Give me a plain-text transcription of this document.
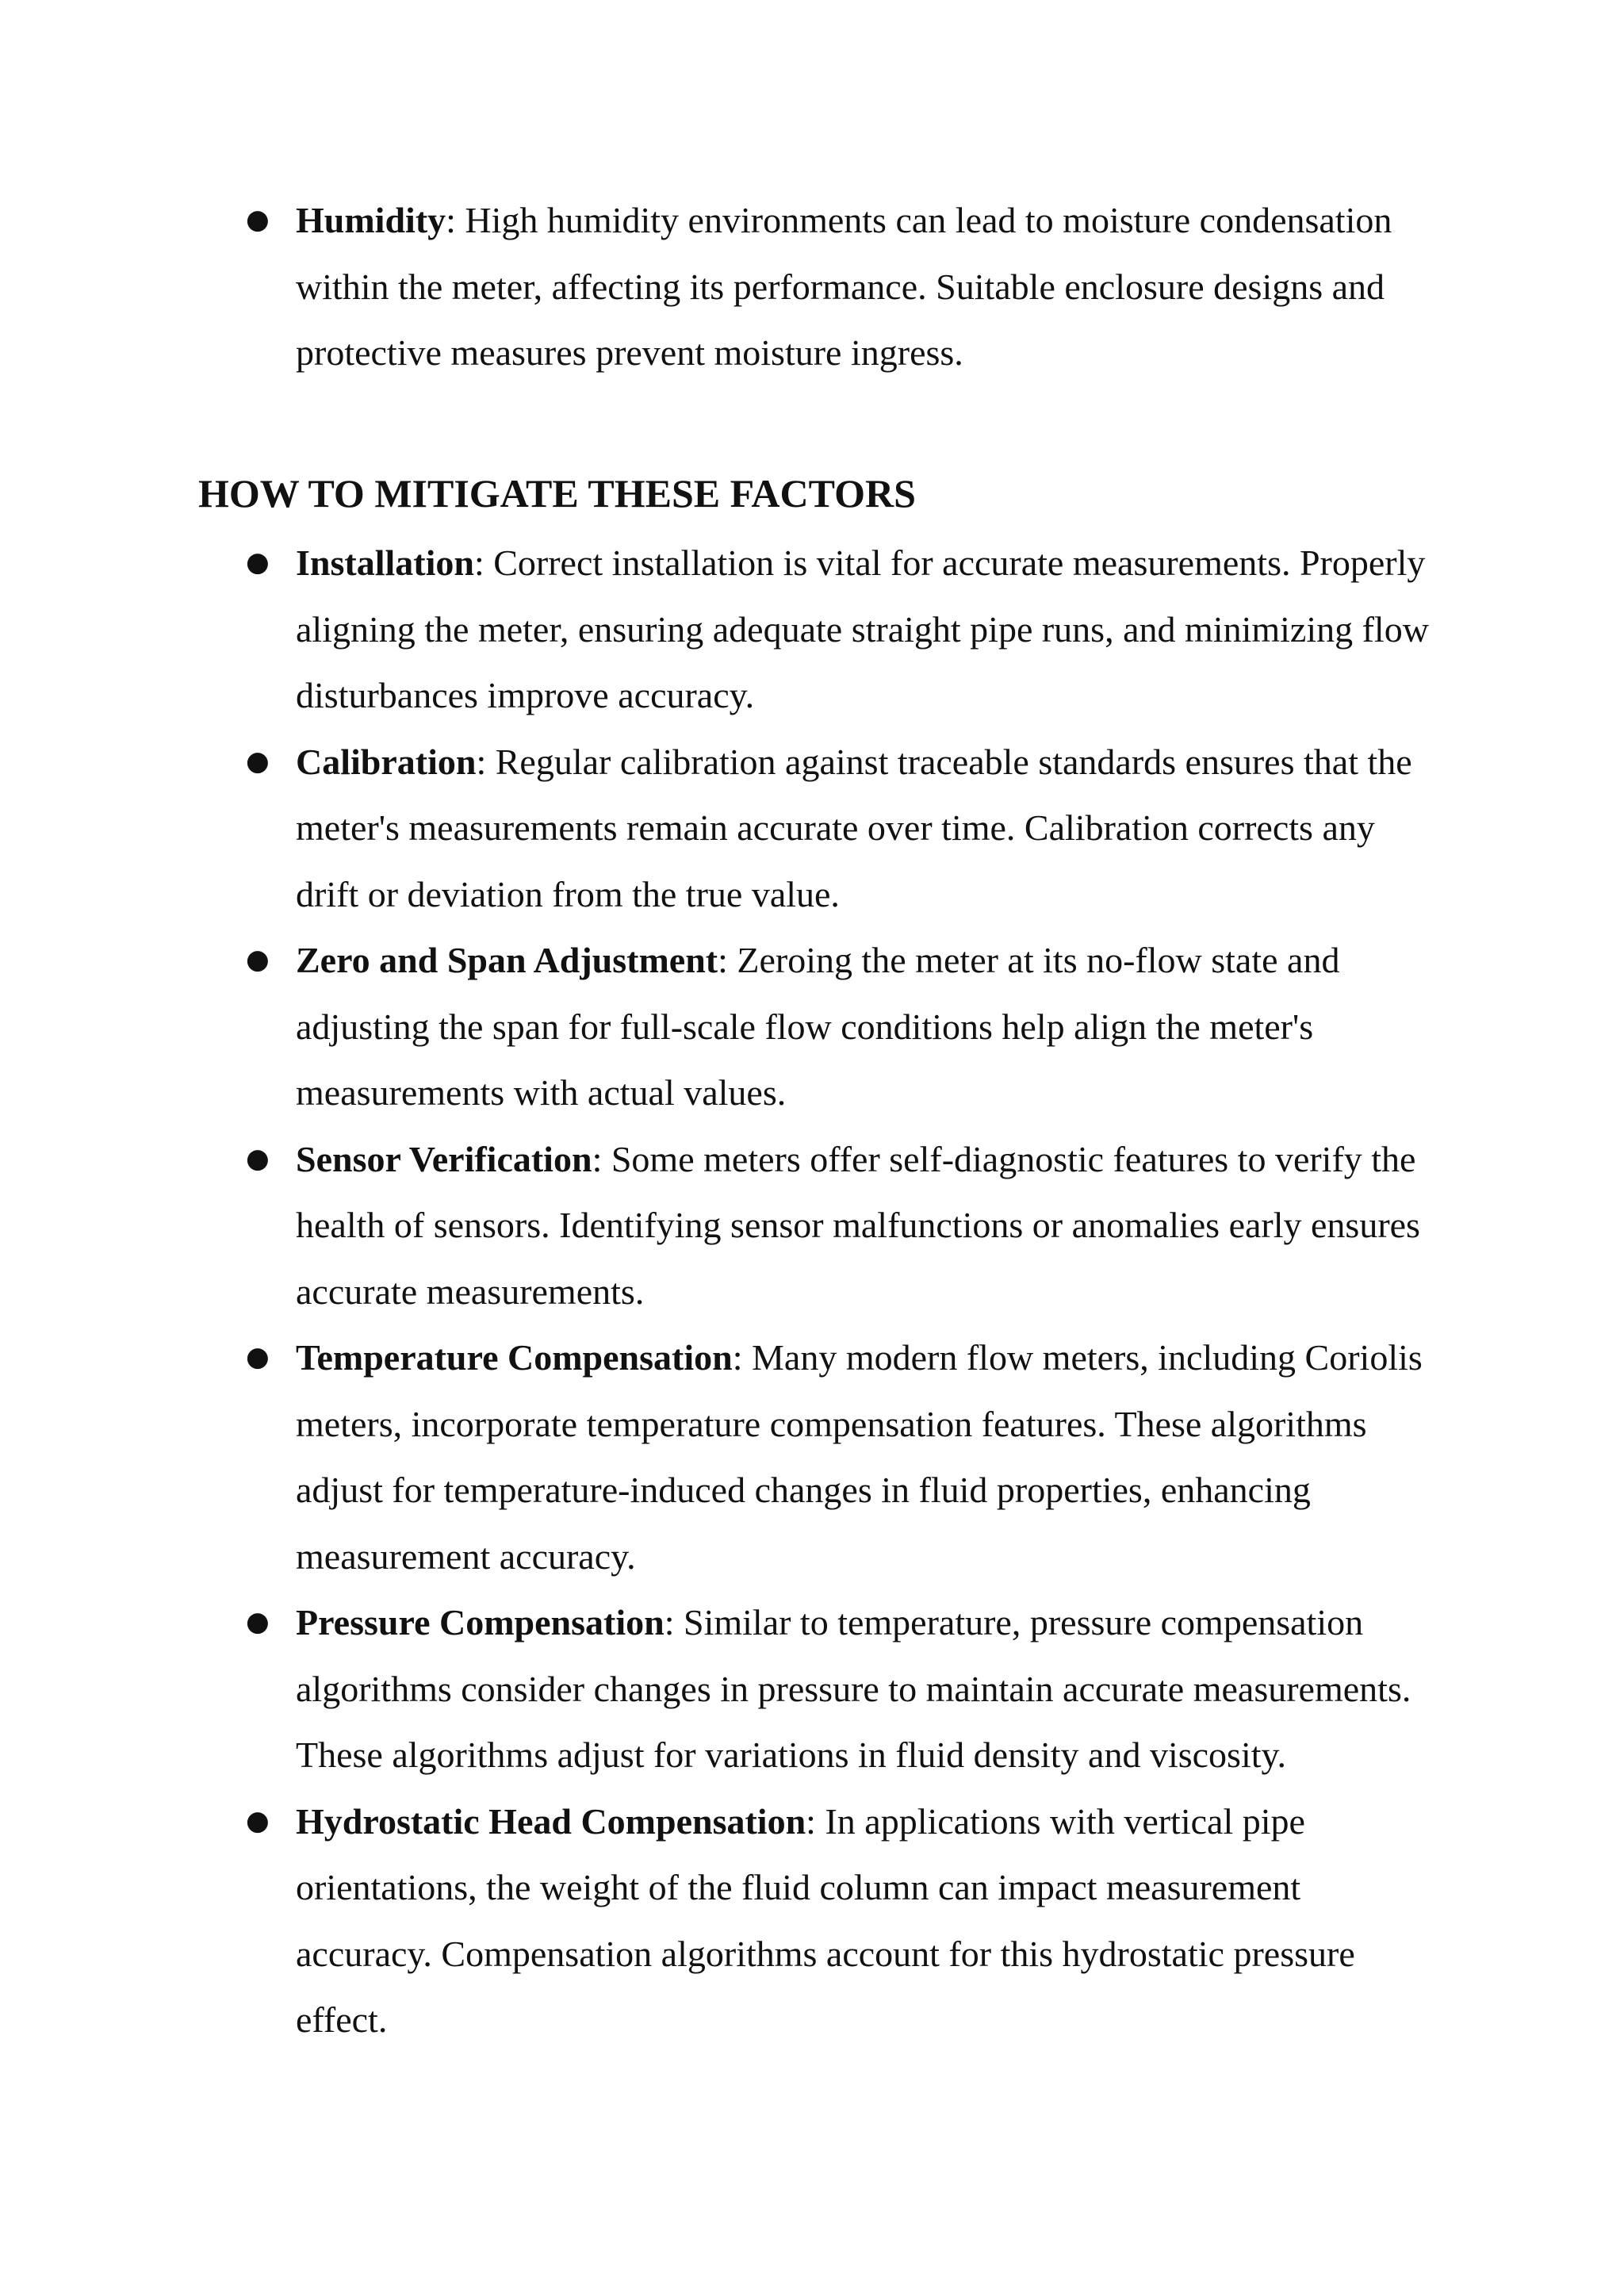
● Humidity: High humidity environments can lead to moisture condensation within the meter, affecting its performance. Suitable enclosure designs and protective measures prevent moisture ingress.
HOW TO MITIGATE THESE FACTORS
● Installation: Correct installation is vital for accurate measurements. Properly aligning the meter, ensuring adequate straight pipe runs, and minimizing flow disturbances improve accuracy.
● Calibration: Regular calibration against traceable standards ensures that the meter's measurements remain accurate over time. Calibration corrects any drift or deviation from the true value.
● Zero and Span Adjustment: Zeroing the meter at its no-flow state and adjusting the span for full-scale flow conditions help align the meter's measurements with actual values.
● Sensor Verification: Some meters offer self-diagnostic features to verify the health of sensors. Identifying sensor malfunctions or anomalies early ensures accurate measurements.
● Temperature Compensation: Many modern flow meters, including Coriolis meters, incorporate temperature compensation features. These algorithms adjust for temperature-induced changes in fluid properties, enhancing measurement accuracy.
● Pressure Compensation: Similar to temperature, pressure compensation algorithms consider changes in pressure to maintain accurate measurements. These algorithms adjust for variations in fluid density and viscosity.
● Hydrostatic Head Compensation: In applications with vertical pipe orientations, the weight of the fluid column can impact measurement accuracy. Compensation algorithms account for this hydrostatic pressure effect.
